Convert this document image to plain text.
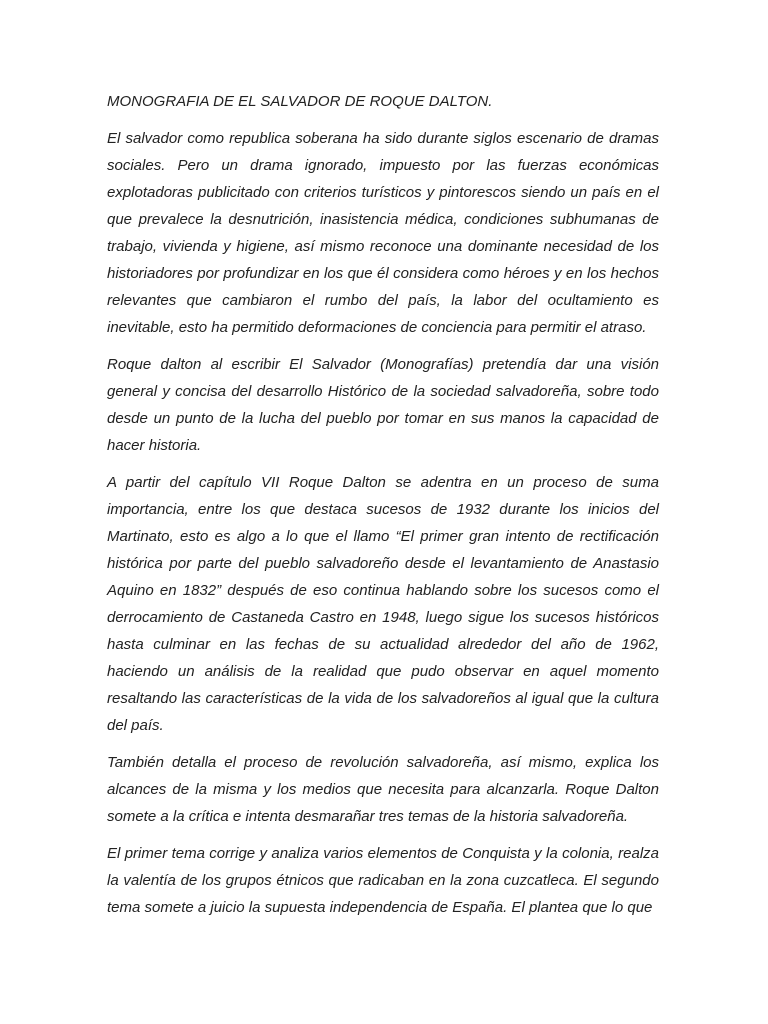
MONOGRAFIA DE EL SALVADOR DE ROQUE DALTON.

El salvador como republica soberana ha sido durante siglos escenario de dramas sociales. Pero un drama ignorado, impuesto por las fuerzas económicas explotadoras publicitado con criterios turísticos y pintorescos siendo un país en el que prevalece la desnutrición, inasistencia médica, condiciones subhumanas de trabajo, vivienda y higiene, así mismo reconoce una dominante necesidad de los historiadores por profundizar en los que él considera como héroes y en los hechos relevantes que cambiaron el rumbo del país, la labor del ocultamiento es inevitable, esto ha permitido deformaciones de conciencia para permitir el atraso.

Roque dalton al escribir El Salvador (Monografías) pretendía dar una visión general y concisa del desarrollo Histórico de la sociedad salvadoreña, sobre todo desde un punto de la lucha del pueblo por tomar en sus manos la capacidad de hacer historia.

A partir del capítulo VII Roque Dalton se adentra en un proceso de suma importancia, entre los que destaca sucesos de 1932 durante los inicios del Martinato, esto es algo a lo que el llamo “El primer gran intento de rectificación histórica por parte del pueblo salvadoreño desde el levantamiento de Anastasio Aquino en 1832” después de eso continua hablando sobre los sucesos como el derrocamiento de Castaneda Castro en 1948, luego sigue los sucesos históricos hasta culminar en las fechas de su actualidad alrededor del año de 1962, haciendo un análisis de la realidad que pudo observar en aquel momento resaltando las características de la vida de los salvadoreños al igual que la cultura del país.

También detalla el proceso de revolución salvadoreña, así mismo, explica los alcances de la misma y los medios que necesita para alcanzarla. Roque Dalton somete a la crítica e intenta desmarañar tres temas de la historia salvadoreña.

El primer tema corrige y analiza varios elementos de Conquista y la colonia, realza la valentía de los grupos étnicos que radicaban en la zona cuzcatleca. El segundo tema somete a juicio la supuesta independencia de España. El plantea que lo que
